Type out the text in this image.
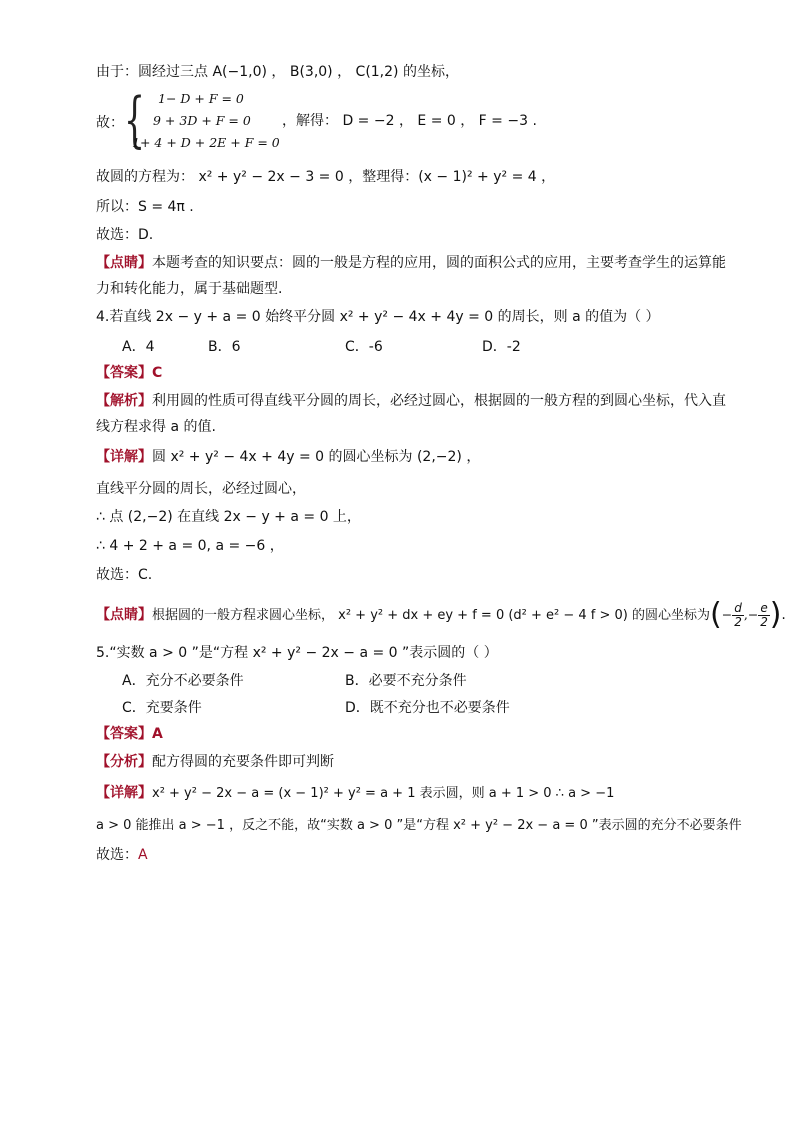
由于：圆经过三点 A(−1,0) ， B(3,0) ， C(1,2) 的坐标，
故： { 1− D + F = 0
9 + 3D + F = 0
1+ 4 + D + 2E + F = 0
，解得： D = −2 ， E = 0 ， F = −3 .
故圆的方程为： x² + y² − 2x − 3 = 0 ，整理得：(x − 1)² + y² = 4 ，
所以：S = 4π .
故选：D.
【点睛】本题考查的知识要点：圆的一般是方程的应用，圆的面积公式的应用，主要考查学生的运算能
力和转化能力，属于基础题型.
4.若直线 2x − y + a = 0 始终平分圆 x² + y² − 4x + 4y = 0 的周长，则 a 的值为（ ）
A．4	B．6	C．-6	D．-2
【答案】C
【解析】利用圆的性质可得直线平分圆的周长，必经过圆心，根据圆的一般方程的到圆心坐标，代入直
线方程求得 a 的值.
【详解】圆 x² + y² − 4x + 4y = 0 的圆心坐标为 (2,−2) ，
直线平分圆的周长，必经过圆心，
∴ 点 (2,−2) 在直线 2x − y + a = 0 上，
∴ 4 + 2 + a = 0, a = −6 ，
故选：C.
【点睛】根据圆的一般方程求圆心坐标， x² + y² + dx + ey + f = 0 (d² + e² − 4 f > 0) 的圆心坐标为(− $\frac{d}{2}$ ,− $\frac{e}{2}$ ).
5.“实数 a > 0 ”是“方程 x² + y² − 2x − a = 0 ”表示圆的（ ）
A．充分不必要条件	B．必要不充分条件
C．充要条件	D．既不充分也不必要条件
【答案】A
【分析】配方得圆的充要条件即可判断
【详解】x² + y² − 2x − a = (x − 1)² + y² = a + 1 表示圆，则 a + 1 > 0 ∴ a > −1
a > 0 能推出 a > −1 ，反之不能，故“实数 a > 0 ”是“方程 x² + y² − 2x − a = 0 ”表示圆的充分不必要条件
故选：A
